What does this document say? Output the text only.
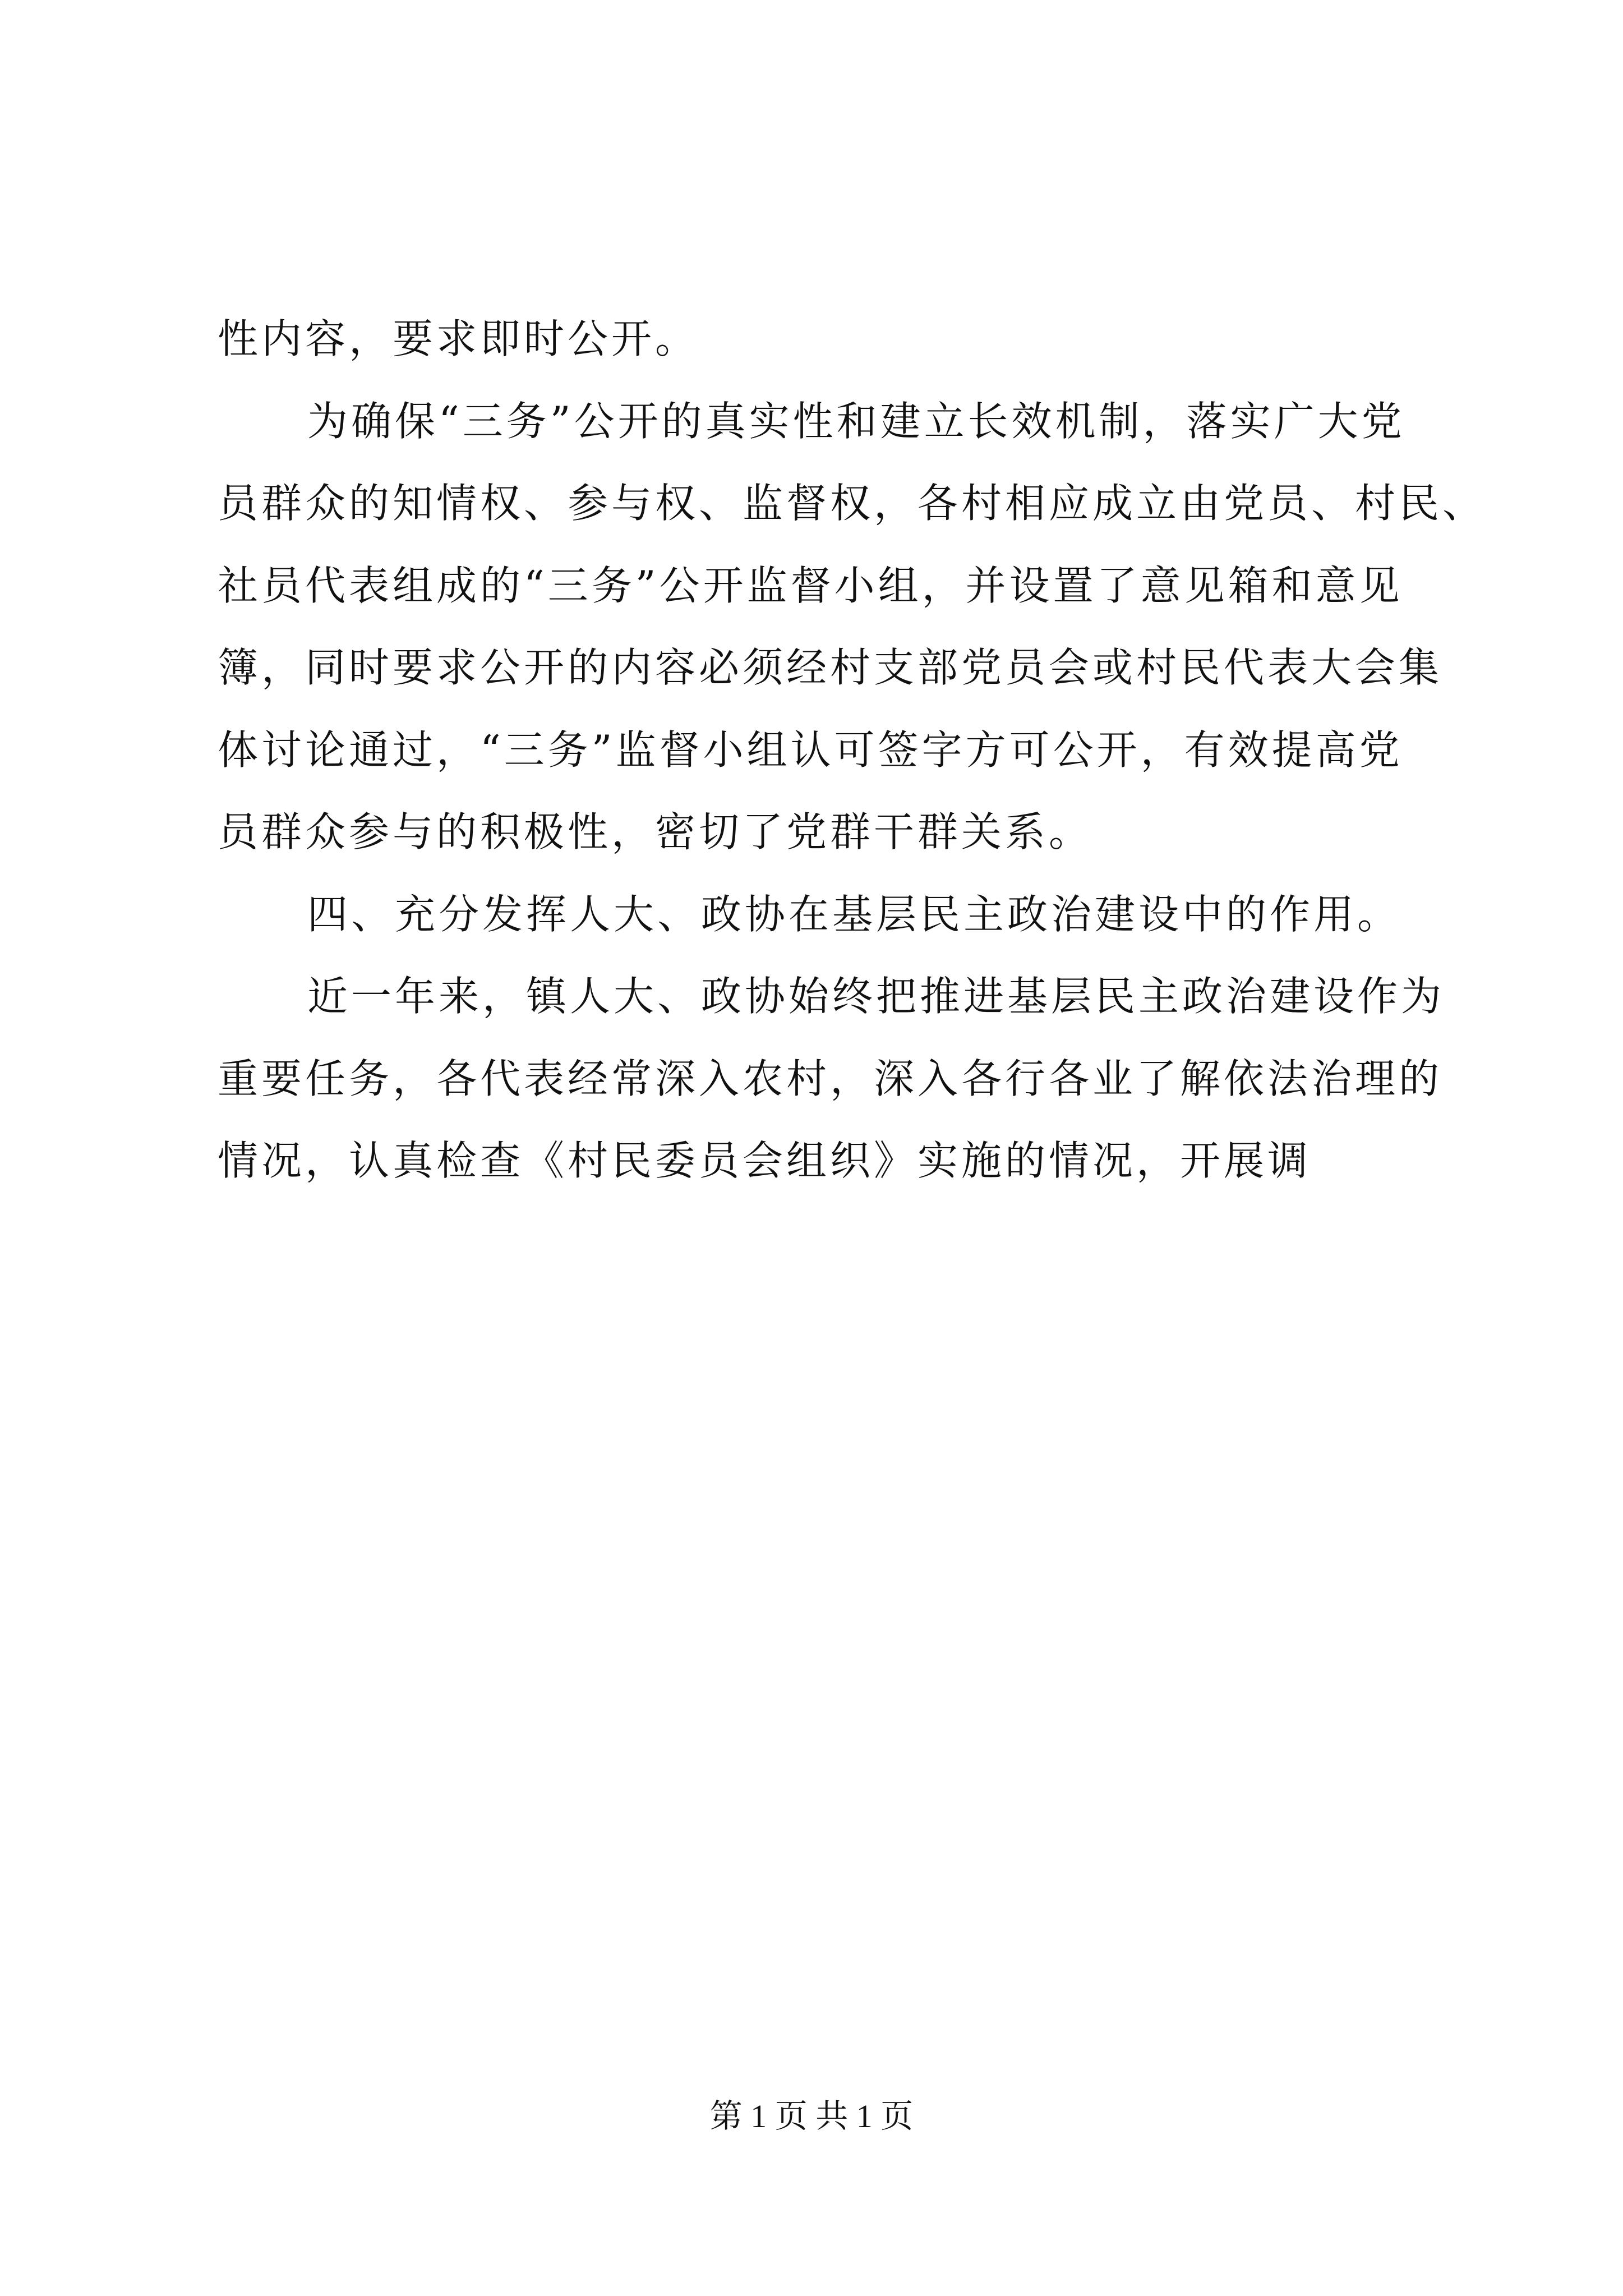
性内容，要求即时公开。
为确保“三务”公开的真实性和建立长效机制，落实广大党
员群众的知情权、参与权、监督权，各村相应成立由党员、村民、
社员代表组成的“三务”公开监督小组，并设置了意见箱和意见
簿，同时要求公开的内容必须经村支部党员会或村民代表大会集
体讨论通过，“三务”监督小组认可签字方可公开，有效提高党
员群众参与的积极性，密切了党群干群关系。
四、充分发挥人大、政协在基层民主政治建设中的作用。
近一年来，镇人大、政协始终把推进基层民主政治建设作为
重要任务，各代表经常深入农村，深入各行各业了解依法治理的
情况，认真检查《村民委员会组织》实施的情况，开展调
第 1 页 共 1 页
